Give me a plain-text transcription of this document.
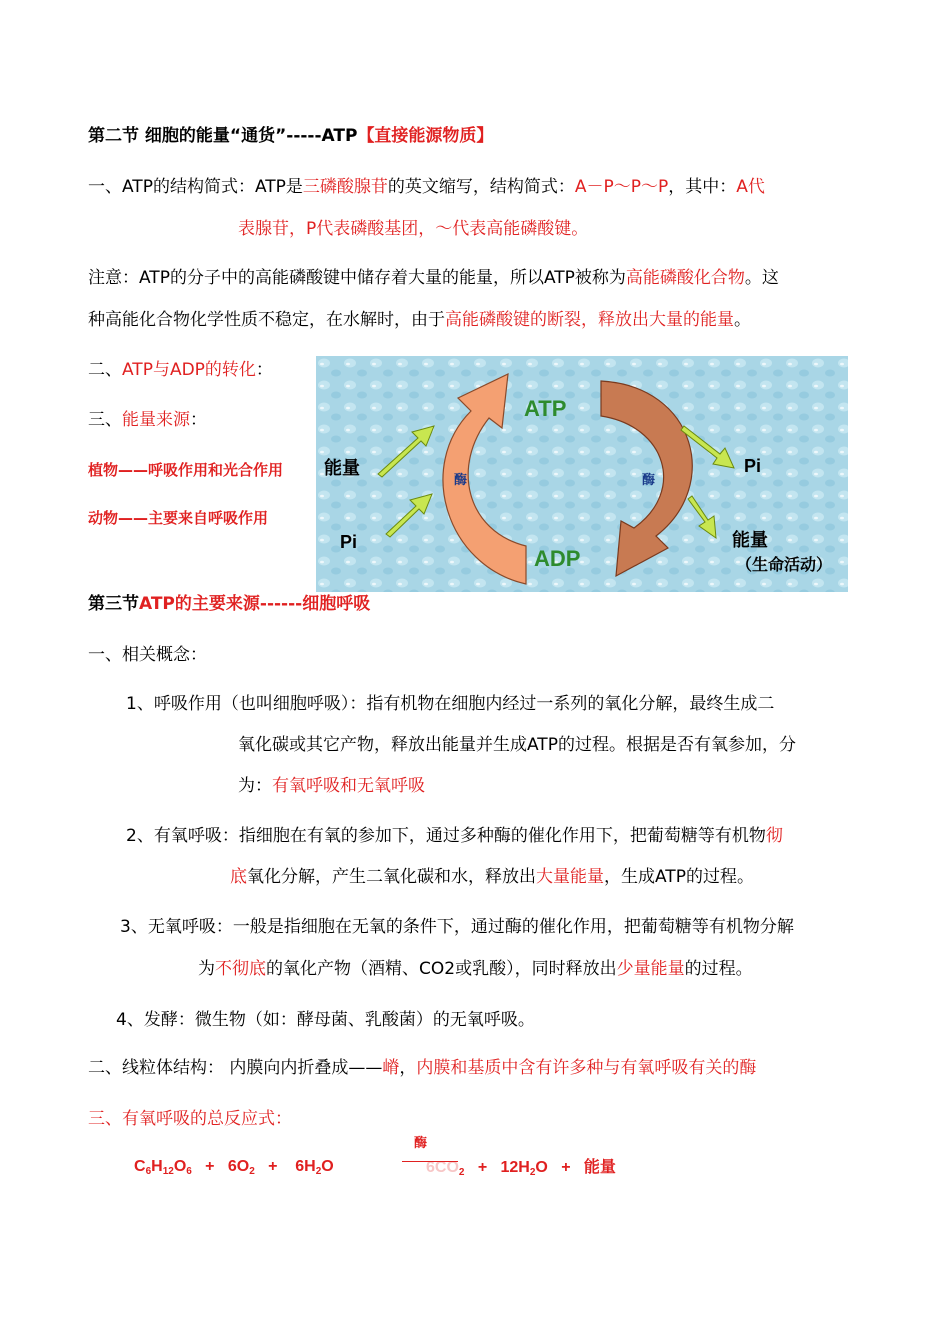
第二节 细胞的能量“通货”-----ATP【直接能源物质】
一、ATP的结构简式：ATP是三磷酸腺苷的英文缩写，结构简式：A－P～P～P，其中：A代
表腺苷，P代表磷酸基团，～代表高能磷酸键。
注意：ATP的分子中的高能磷酸键中储存着大量的能量，所以ATP被称为高能磷酸化合物。这
种高能化合物化学性质不稳定，在水解时，由于高能磷酸键的断裂，释放出大量的能量。
二、ATP与ADP的转化：
三、能量来源：
植物——呼吸作用和光合作用
动物——主要来自呼吸作用
ATP
ADP
能量
Pi
酶	酶
Pi
能量
（生命活动）
第三节ATP的主要来源------细胞呼吸
一、相关概念：
1、呼吸作用（也叫细胞呼吸）：指有机物在细胞内经过一系列的氧化分解，最终生成二
氧化碳或其它产物，释放出能量并生成ATP的过程。根据是否有氧参加，分
为：有氧呼吸和无氧呼吸
2、有氧呼吸：指细胞在有氧的参加下，通过多种酶的催化作用下，把葡萄糖等有机物彻
底氧化分解，产生二氧化碳和水，释放出大量能量，生成ATP的过程。
3、无氧呼吸：一般是指细胞在无氧的条件下，通过酶的催化作用，把葡萄糖等有机物分解
为不彻底的氧化产物（酒精、CO2或乳酸），同时释放出少量能量的过程。
4、发酵：微生物（如：酵母菌、乳酸菌）的无氧呼吸。
二、线粒体结构： 内膜向内折叠成——嵴，内膜和基质中含有许多种与有氧呼吸有关的酶
三、有氧呼吸的总反应式：
酶
$C_6H_{12}O_6 + 6O_2 + 6H_2O$	$6CO_2 + 12H_2O$ + 能量
